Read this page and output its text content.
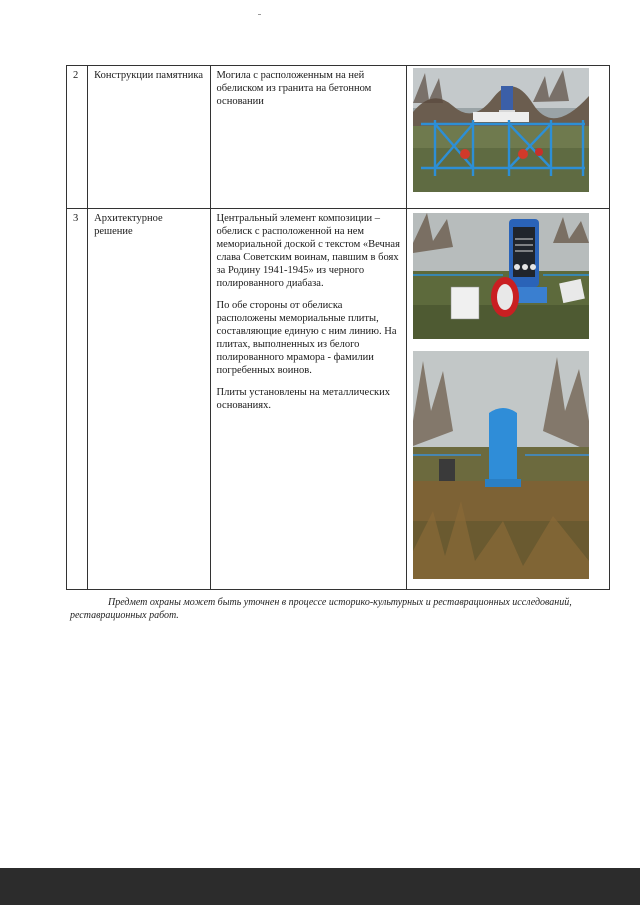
2	Конструкции памятника	Могила с расположенным на ней обелиском из гранита на бетонном основании

3	Архитектурное решение	Центральный элемент композиции – обелиск с расположенной на нем мемориальной доской с текстом «Вечная слава Советским воинам, павшим в боях за Родину 1941-1945» из черного полированного диабаза.

По обе стороны от обелиска расположены мемориальные плиты, составляющие единую с ним линию. На плитах, выполненных из белого полированного мрамора - фамилии погребенных воинов.

Плиты установлены на металлических основаниях.

Предмет охраны может быть уточнен в процессе историко-культурных и реставрационных исследований, реставрационных работ.
